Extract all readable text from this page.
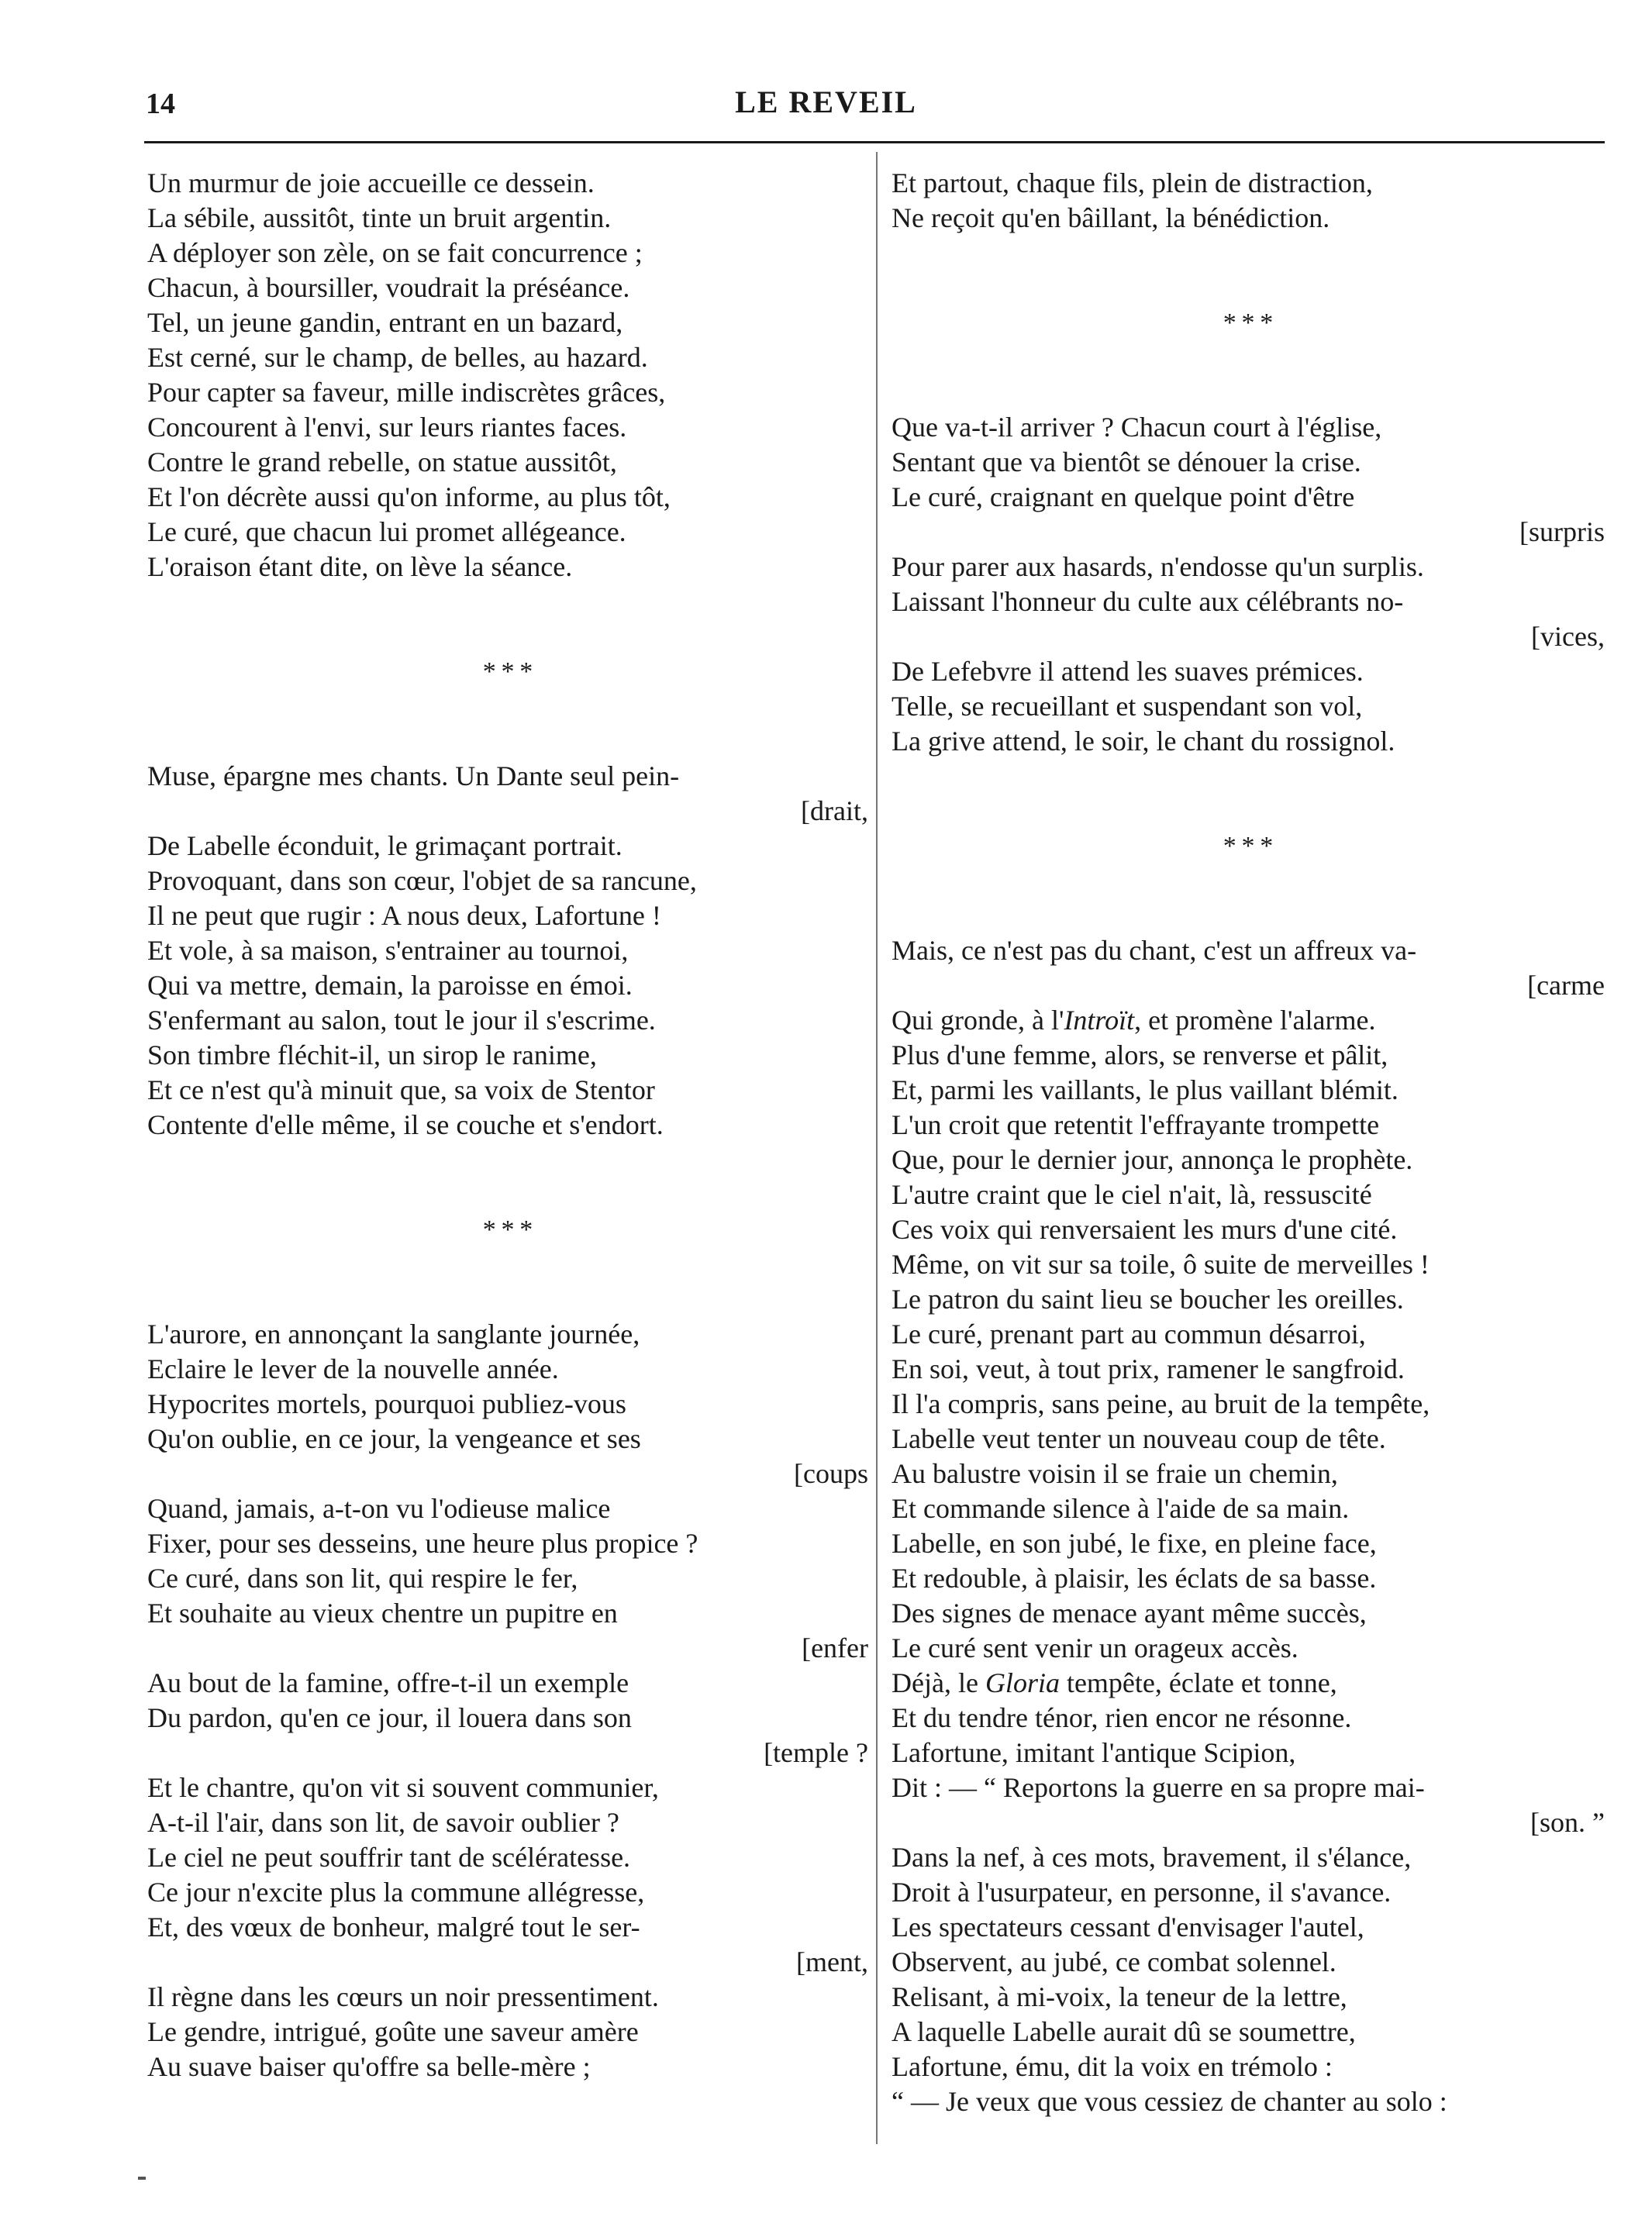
14	LE REVEIL
Un murmur de joie accueille ce dessein.
La sébile, aussitôt, tinte un bruit argentin.
A déployer son zèle, on se fait concurrence ;
Chacun, à boursiller, voudrait la préséance.
Tel, un jeune gandin, entrant en un bazard,
Est cerné, sur le champ, de belles, au hazard.
Pour capter sa faveur, mille indiscrètes grâces,
Concourent à l'envi, sur leurs riantes faces.
Contre le grand rebelle, on statue aussitôt,
Et l'on décrète aussi qu'on informe, au plus tôt,
Le curé, que chacun lui promet allégeance.
L'oraison étant dite, on lève la séance.
* * *
Muse, épargne mes chants. Un Dante seul pein-
[drait,
De Labelle éconduit, le grimaçant portrait.
Provoquant, dans son cœur, l'objet de sa rancune,
Il ne peut que rugir : A nous deux, Lafortune !
Et vole, à sa maison, s'entrainer au tournoi,
Qui va mettre, demain, la paroisse en émoi.
S'enfermant au salon, tout le jour il s'escrime.
Son timbre fléchit-il, un sirop le ranime,
Et ce n'est qu'à minuit que, sa voix de Stentor
Contente d'elle même, il se couche et s'endort.
* * *
L'aurore, en annonçant la sanglante journée,
Eclaire le lever de la nouvelle année.
Hypocrites mortels, pourquoi publiez-vous
Qu'on oublie, en ce jour, la vengeance et ses
[coups
Quand, jamais, a-t-on vu l'odieuse malice
Fixer, pour ses desseins, une heure plus propice ?
Ce curé, dans son lit, qui respire le fer,
Et souhaite au vieux chentre un pupitre en
[enfer
Au bout de la famine, offre-t-il un exemple
Du pardon, qu'en ce jour, il louera dans son
[temple ?
Et le chantre, qu'on vit si souvent communier,
A-t-il l'air, dans son lit, de savoir oublier ?
Le ciel ne peut souffrir tant de scélératesse.
Ce jour n'excite plus la commune allégresse,
Et, des vœux de bonheur, malgré tout le ser-
[ment,
Il règne dans les cœurs un noir pressentiment.
Le gendre, intrigué, goûte une saveur amère
Au suave baiser qu'offre sa belle-mère ;
Et partout, chaque fils, plein de distraction,
Ne reçoit qu'en bâillant, la bénédiction.
* * *
Que va-t-il arriver ? Chacun court à l'église,
Sentant que va bientôt se dénouer la crise.
Le curé, craignant en quelque point d'être
[surpris
Pour parer aux hasards, n'endosse qu'un surplis.
Laissant l'honneur du culte aux célébrants no-
[vices,
De Lefebvre il attend les suaves prémices.
Telle, se recueillant et suspendant son vol,
La grive attend, le soir, le chant du rossignol.
* * *
Mais, ce n'est pas du chant, c'est un affreux va-
[carme
Qui gronde, à l'Introït, et promène l'alarme.
Plus d'une femme, alors, se renverse et pâlit,
Et, parmi les vaillants, le plus vaillant blémit.
L'un croit que retentit l'effrayante trompette
Que, pour le dernier jour, annonça le prophète.
L'autre craint que le ciel n'ait, là, ressuscité
Ces voix qui renversaient les murs d'une cité.
Même, on vit sur sa toile, ô suite de merveilles !
Le patron du saint lieu se boucher les oreilles.
Le curé, prenant part au commun désarroi,
En soi, veut, à tout prix, ramener le sangfroid.
Il l'a compris, sans peine, au bruit de la tempête,
Labelle veut tenter un nouveau coup de tête.
Au balustre voisin il se fraie un chemin,
Et commande silence à l'aide de sa main.
Labelle, en son jubé, le fixe, en pleine face,
Et redouble, à plaisir, les éclats de sa basse.
Des signes de menace ayant même succès,
Le curé sent venir un orageux accès.
Déjà, le Gloria tempête, éclate et tonne,
Et du tendre ténor, rien encor ne résonne.
Lafortune, imitant l'antique Scipion,
Dit : — “ Reportons la guerre en sa propre mai-
[son. ”
Dans la nef, à ces mots, bravement, il s'élance,
Droit à l'usurpateur, en personne, il s'avance.
Les spectateurs cessant d'envisager l'autel,
Observent, au jubé, ce combat solennel.
Relisant, à mi-voix, la teneur de la lettre,
A laquelle Labelle aurait dû se soumettre,
Lafortune, ému, dit la voix en trémolo :
“ — Je veux que vous cessiez de chanter au solo :
